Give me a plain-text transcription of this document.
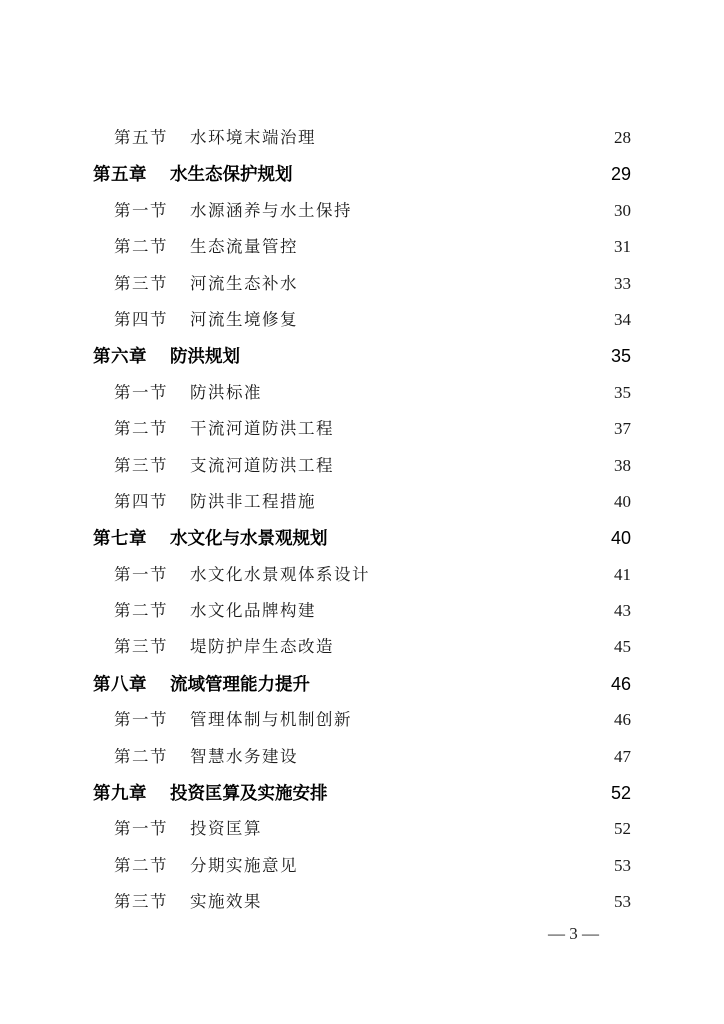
第五节	水环境末端治理 ·····	28
第五章	水生态保护规划 ·····	29
第一节	水源涵养与水土保持 ·····	30
第二节	生态流量管控 ·····	31
第三节	河流生态补水 ·····	33
第四节	河流生境修复 ·····	34
第六章	防洪规划 ·····	35
第一节	防洪标准 ·····	35
第二节	干流河道防洪工程 ·····	37
第三节	支流河道防洪工程 ·····	38
第四节	防洪非工程措施 ·····	40
第七章	水文化与水景观规划 ·····	40
第一节	水文化水景观体系设计 ·····	41
第二节	水文化品牌构建 ·····	43
第三节	堤防护岸生态改造 ·····	45
第八章	流域管理能力提升 ·····	46
第一节	管理体制与机制创新 ·····	46
第二节	智慧水务建设 ·····	47
第九章	投资匡算及实施安排 ·····	52
第一节	投资匡算 ·····	52
第二节	分期实施意见 ·····	53
第三节	实施效果 ·····	53
— 3 —
